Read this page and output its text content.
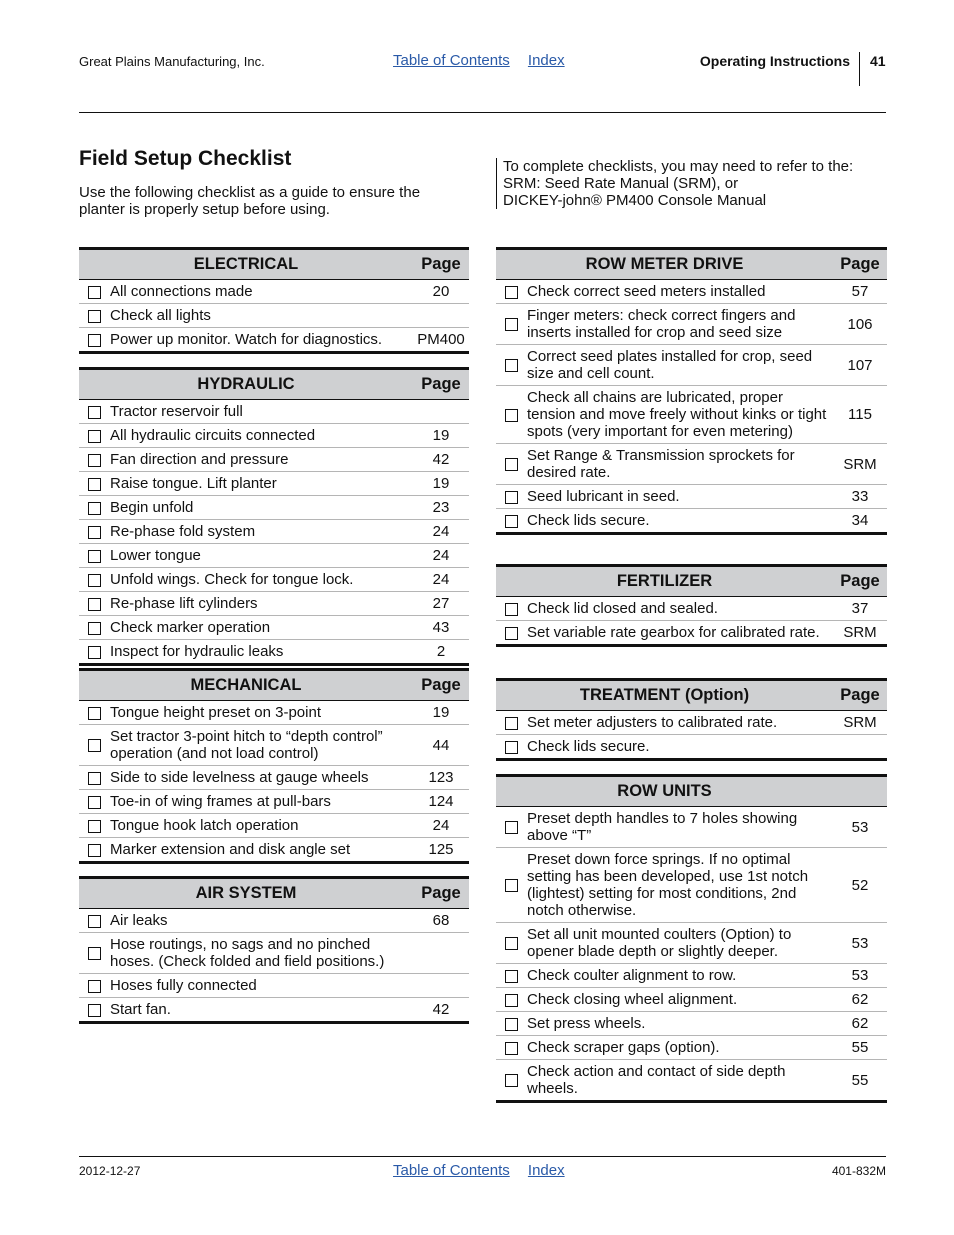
Great Plains Manufacturing, Inc.	Table of Contents Index	Operating Instructions 41
Field Setup Checklist
Use the following checklist as a guide to ensure the planter is properly setup before using.
To complete checklists, you may need to refer to the:
SRM: Seed Rate Manual (SRM), or
DICKEY-john® PM400 Console Manual
ELECTRICAL		Page
	All connections made	20
	Check all lights	
	Power up monitor. Watch for diagnostics.	PM400
HYDRAULIC		Page
	Tractor reservoir full	
	All hydraulic circuits connected	19
	Fan direction and pressure	42
	Raise tongue. Lift planter	19
	Begin unfold	23
	Re-phase fold system	24
	Lower tongue	24
	Unfold wings. Check for tongue lock.	24
	Re-phase lift cylinders	27
	Check marker operation	43
	Inspect for hydraulic leaks	2
MECHANICAL		Page
	Tongue height preset on 3-point	19
	Set tractor 3-point hitch to “depth control” operation (and not load control)	44
	Side to side levelness at gauge wheels	123
	Toe-in of wing frames at pull-bars	124
	Tongue hook latch operation	24
	Marker extension and disk angle set	125
AIR SYSTEM		Page
	Air leaks	68
	Hose routings, no sags and no pinched hoses. (Check folded and field positions.)	
	Hoses fully connected	
	Start fan.	42
ROW METER DRIVE		Page
	Check correct seed meters installed	57
	Finger meters: check correct fingers and inserts installed for crop and seed size	106
	Correct seed plates installed for crop, seed size and cell count.	107
	Check all chains are lubricated, proper tension and move freely without kinks or tight spots (very important for even metering)	115
	Set Range & Transmission sprockets for desired rate.	SRM
	Seed lubricant in seed.	33
	Check lids secure.	34
FERTILIZER		Page
	Check lid closed and sealed.	37
	Set variable rate gearbox for calibrated rate.	SRM
TREATMENT (Option)		Page
	Set meter adjusters to calibrated rate.	SRM
	Check lids secure.	
ROW UNITS		
	Preset depth handles to 7 holes showing above “T”	53
	Preset down force springs. If no optimal setting has been developed, use 1st notch (lightest) setting for most conditions, 2nd notch otherwise.	52
	Set all unit mounted coulters (Option) to opener blade depth or slightly deeper.	53
	Check coulter alignment to row.	53
	Check closing wheel alignment.	62
	Set press wheels.	62
	Check scraper gaps (option).	55
	Check action and contact of side depth wheels.	55
2012-12-27	Table of Contents Index	401-832M
